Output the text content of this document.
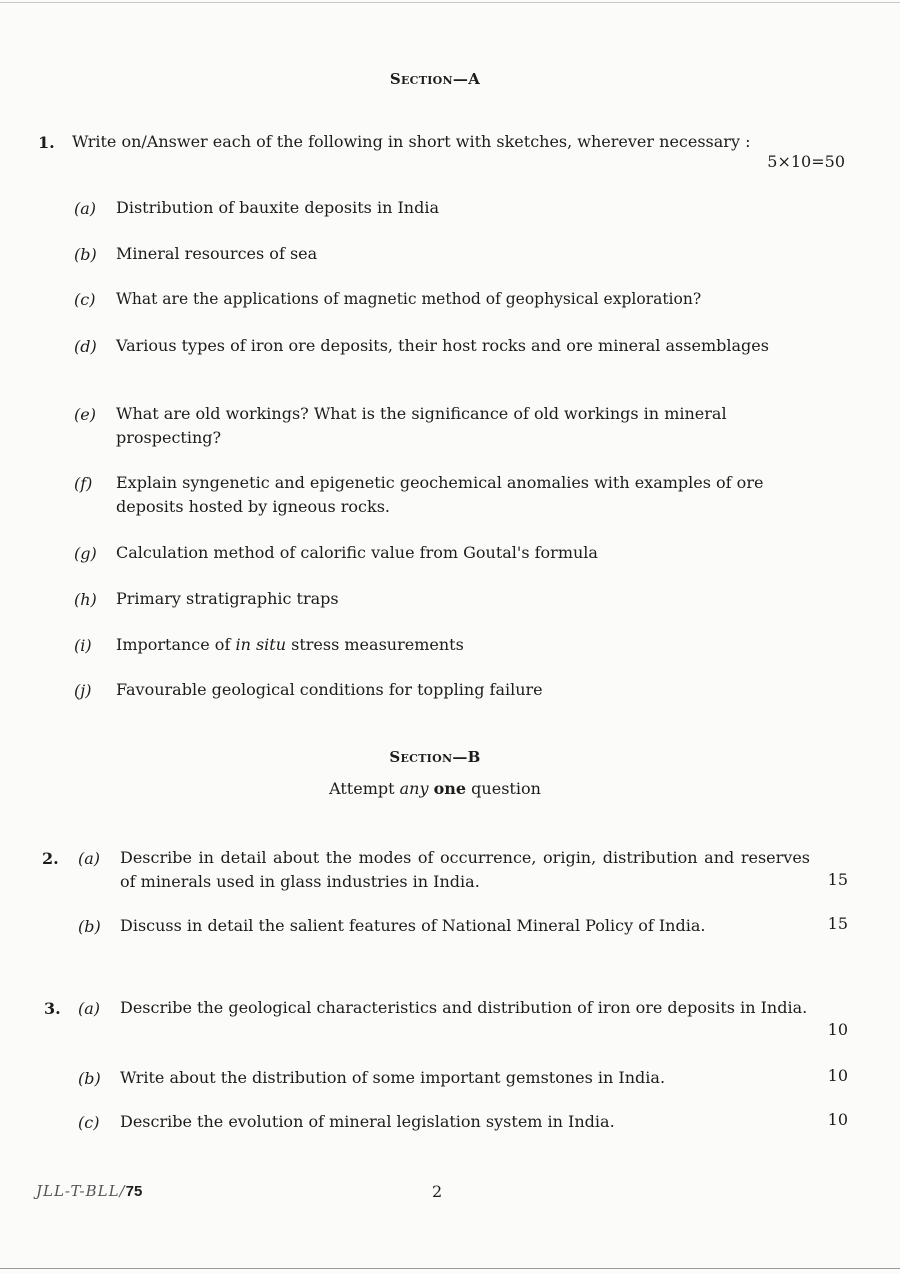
Section—A
1. Write on/Answer each of the following in short with sketches, wherever necessary :
5×10=50
(a) Distribution of bauxite deposits in India
(b) Mineral resources of sea
(c) What are the applications of magnetic method of geophysical exploration?
(d) Various types of iron ore deposits, their host rocks and ore mineral assemblages
(e) What are old workings? What is the significance of old workings in mineral prospecting?
(f) Explain syngenetic and epigenetic geochemical anomalies with examples of ore deposits hosted by igneous rocks.
(g) Calculation method of calorific value from Goutal's formula
(h) Primary stratigraphic traps
(i) Importance of in situ stress measurements
(j) Favourable geological conditions for toppling failure
Section—B
Attempt any one question
2. (a) Describe in detail about the modes of occurrence, origin, distribution and reserves of minerals used in glass industries in India.	15
(b) Discuss in detail the salient features of National Mineral Policy of India.	15
3. (a) Describe the geological characteristics and distribution of iron ore deposits in India.
10
(b) Write about the distribution of some important gemstones in India.	10
(c) Describe the evolution of mineral legislation system in India.	10
JLL-T-BLL/75	2
